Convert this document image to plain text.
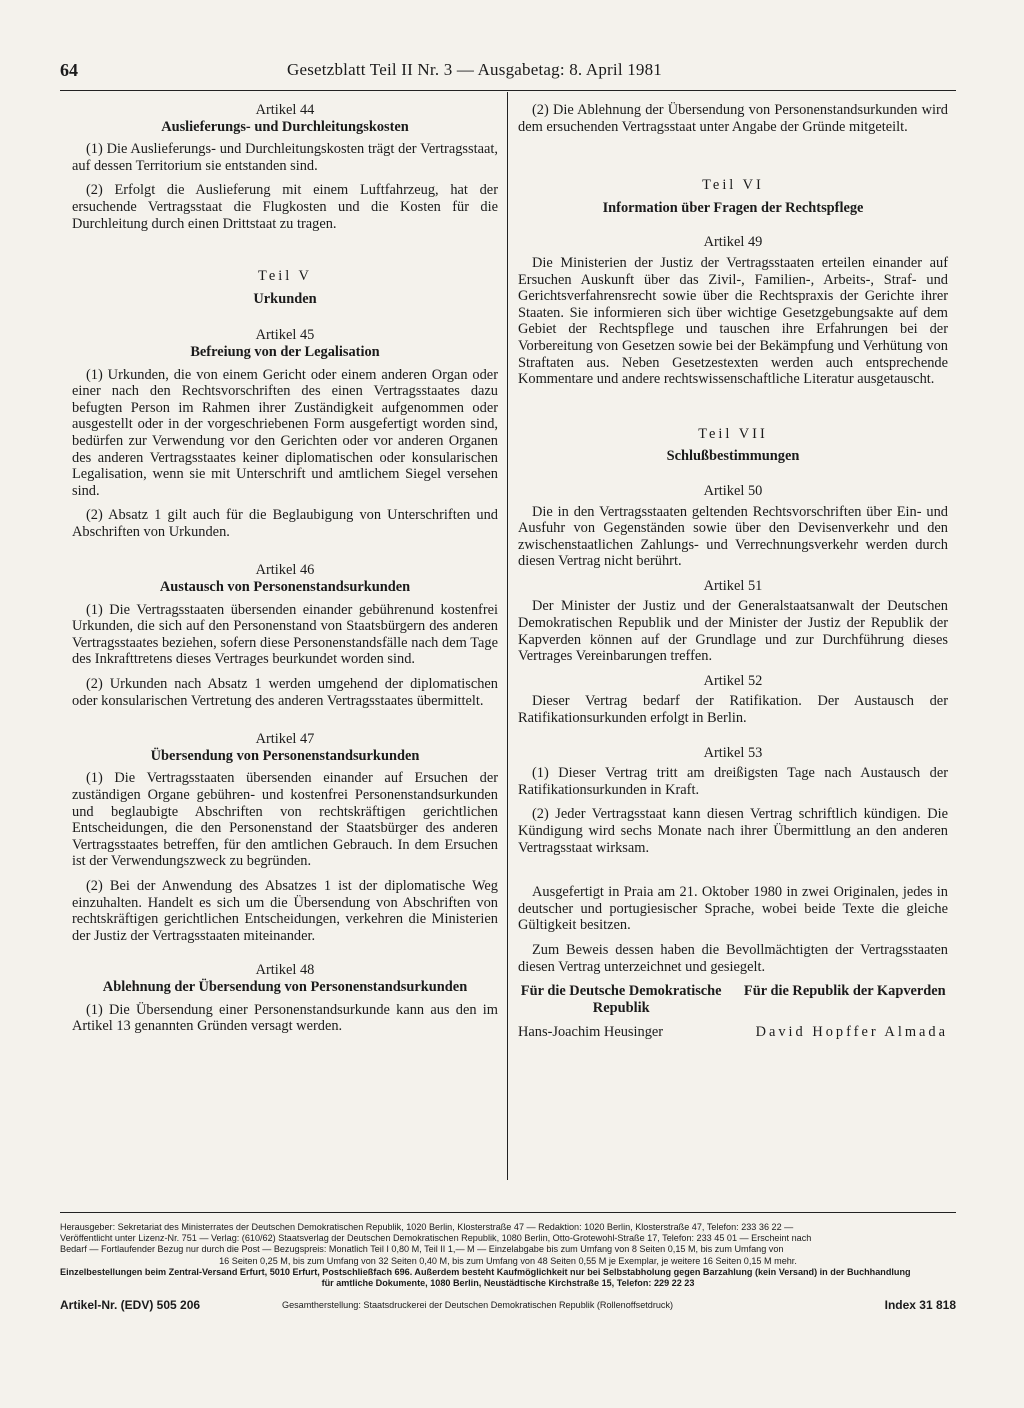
64	Gesetzblatt Teil II Nr. 3 — Ausgabetag: 8. April 1981

Artikel 44

Auslieferungs- und Durchleitungskosten

(1) Die Auslieferungs- und Durchleitungskosten trägt der Vertragsstaat, auf dessen Territorium sie entstanden sind.

(2) Erfolgt die Auslieferung mit einem Luftfahrzeug, hat der ersuchende Vertragsstaat die Flugkosten und die Kosten für die Durchleitung durch einen Drittstaat zu tragen.

Teil V

Urkunden

Artikel 45

Befreiung von der Legalisation

(1) Urkunden, die von einem Gericht oder einem anderen Organ oder einer nach den Rechtsvorschriften des einen Vertragsstaates dazu befugten Person im Rahmen ihrer Zuständigkeit aufgenommen oder ausgestellt oder in der vorgeschriebenen Form ausgefertigt worden sind, bedürfen zur Verwendung vor den Gerichten oder vor anderen Organen des anderen Vertragsstaates keiner diplomatischen oder konsularischen Legalisation, wenn sie mit Unterschrift und amtlichem Siegel versehen sind.

(2) Absatz 1 gilt auch für die Beglaubigung von Unterschriften und Abschriften von Urkunden.

Artikel 46

Austausch von Personenstandsurkunden

(1) Die Vertragsstaaten übersenden einander gebührenund kostenfrei Urkunden, die sich auf den Personenstand von Staatsbürgern des anderen Vertragsstaates beziehen, sofern diese Personenstandsfälle nach dem Tage des Inkrafttretens dieses Vertrages beurkundet worden sind.

(2) Urkunden nach Absatz 1 werden umgehend der diplomatischen oder konsularischen Vertretung des anderen Vertragsstaates übermittelt.

Artikel 47

Übersendung von Personenstandsurkunden

(1) Die Vertragsstaaten übersenden einander auf Ersuchen der zuständigen Organe gebühren- und kostenfrei Personenstandsurkunden und beglaubigte Abschriften von rechtskräftigen gerichtlichen Entscheidungen, die den Personenstand der Staatsbürger des anderen Vertragsstaates betreffen, für den amtlichen Gebrauch. In dem Ersuchen ist der Verwendungszweck zu begründen.

(2) Bei der Anwendung des Absatzes 1 ist der diplomatische Weg einzuhalten. Handelt es sich um die Übersendung von Abschriften von rechtskräftigen gerichtlichen Entscheidungen, verkehren die Ministerien der Justiz der Vertragsstaaten miteinander.

Artikel 48

Ablehnung der Übersendung von Personenstandsurkunden

(1) Die Übersendung einer Personenstandsurkunde kann aus den im Artikel 13 genannten Gründen versagt werden.

(2) Die Ablehnung der Übersendung von Personenstandsurkunden wird dem ersuchenden Vertragsstaat unter Angabe der Gründe mitgeteilt.

Teil VI

Information über Fragen der Rechtspflege

Artikel 49

Die Ministerien der Justiz der Vertragsstaaten erteilen einander auf Ersuchen Auskunft über das Zivil-, Familien-, Arbeits-, Straf- und Gerichtsverfahrensrecht sowie über die Rechtspraxis der Gerichte ihrer Staaten. Sie informieren sich über wichtige Gesetzgebungsakte auf dem Gebiet der Rechtspflege und tauschen ihre Erfahrungen bei der Vorbereitung von Gesetzen sowie bei der Bekämpfung und Verhütung von Straftaten aus. Neben Gesetzestexten werden auch entsprechende Kommentare und andere rechtswissenschaftliche Literatur ausgetauscht.

Teil VII

Schlußbestimmungen

Artikel 50

Die in den Vertragsstaaten geltenden Rechtsvorschriften über Ein- und Ausfuhr von Gegenständen sowie über den Devisenverkehr und den zwischenstaatlichen Zahlungs- und Verrechnungsverkehr werden durch diesen Vertrag nicht berührt.

Artikel 51

Der Minister der Justiz und der Generalstaatsanwalt der Deutschen Demokratischen Republik und der Minister der Justiz der Republik der Kapverden können auf der Grundlage und zur Durchführung dieses Vertrages Vereinbarungen treffen.

Artikel 52

Dieser Vertrag bedarf der Ratifikation. Der Austausch der Ratifikationsurkunden erfolgt in Berlin.

Artikel 53

(1) Dieser Vertrag tritt am dreißigsten Tage nach Austausch der Ratifikationsurkunden in Kraft.

(2) Jeder Vertragsstaat kann diesen Vertrag schriftlich kündigen. Die Kündigung wird sechs Monate nach ihrer Übermittlung an den anderen Vertragsstaat wirksam.

Ausgefertigt in Praia am 21. Oktober 1980 in zwei Originalen, jedes in deutscher und portugiesischer Sprache, wobei beide Texte die gleiche Gültigkeit besitzen.

Zum Beweis dessen haben die Bevollmächtigten der Vertragsstaaten diesen Vertrag unterzeichnet und gesiegelt.

Für die Deutsche Demokratische Republik
Für die Republik der Kapverden
Hans-Joachim Heusinger	David Hopffer Almada
Herausgeber: Sekretariat des Ministerrates der Deutschen Demokratischen Republik, 1020 Berlin, Klosterstraße 47 — Redaktion: 1020 Berlin, Klosterstraße 47, Telefon: 233 36 22 —
Veröffentlicht unter Lizenz-Nr. 751 — Verlag: (610/62) Staatsverlag der Deutschen Demokratischen Republik, 1080 Berlin, Otto-Grotewohl-Straße 17, Telefon: 233 45 01 — Erscheint nach
Bedarf — Fortlaufender Bezug nur durch die Post — Bezugspreis: Monatlich Teil I 0,80 M, Teil II 1,— M — Einzelabgabe bis zum Umfang von 8 Seiten 0,15 M, bis zum Umfang von
16 Seiten 0,25 M, bis zum Umfang von 32 Seiten 0,40 M, bis zum Umfang von 48 Seiten 0,55 M je Exemplar, je weitere 16 Seiten 0,15 M mehr.
Einzelbestellungen beim Zentral-Versand Erfurt, 5010 Erfurt, Postschließfach 696. Außerdem besteht Kaufmöglichkeit nur bei Selbstabholung gegen Barzahlung (kein Versand) in der Buchhandlung
für amtliche Dokumente, 1080 Berlin, Neustädtische Kirchstraße 15, Telefon: 229 22 23
Artikel-Nr. (EDV) 505 206	Gesamtherstellung: Staatsdruckerei der Deutschen Demokratischen Republik (Rollenoffsetdruck)	Index 31 818
